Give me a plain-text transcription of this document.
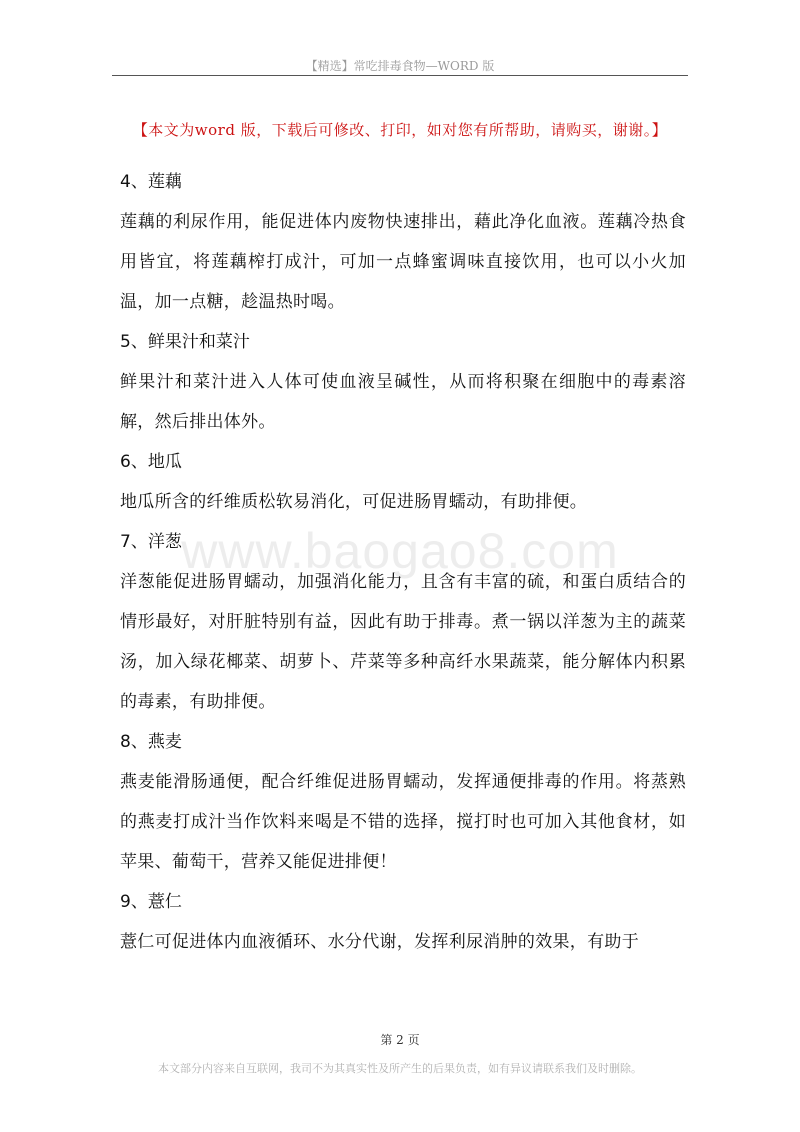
【精选】常吃排毒食物—WORD 版
【本文为word 版，下载后可修改、打印，如对您有所帮助，请购买，谢谢。】
www.baogao8.com

4、莲藕

莲藕的利尿作用，能促进体内废物快速排出，藉此净化血液。莲藕冷热食用皆宜，将莲藕榨打成汁，可加一点蜂蜜调味直接饮用，也可以小火加温，加一点糖，趁温热时喝。

5、鲜果汁和菜汁

鲜果汁和菜汁进入人体可使血液呈碱性，从而将积聚在细胞中的毒素溶解，然后排出体外。

6、地瓜

地瓜所含的纤维质松软易消化，可促进肠胃蠕动，有助排便。

7、洋葱

洋葱能促进肠胃蠕动，加强消化能力，且含有丰富的硫，和蛋白质结合的情形最好，对肝脏特别有益，因此有助于排毒。煮一锅以洋葱为主的蔬菜汤，加入绿花椰菜、胡萝卜、芹菜等多种高纤水果蔬菜，能分解体内积累的毒素，有助排便。

8、燕麦

燕麦能滑肠通便，配合纤维促进肠胃蠕动，发挥通便排毒的作用。将蒸熟的燕麦打成汁当作饮料来喝是不错的选择，搅打时也可加入其他食材，如苹果、葡萄干，营养又能促进排便！

9、薏仁

薏仁可促进体内血液循环、水分代谢，发挥利尿消肿的效果，有助于

第 2 页
本文部分内容来自互联网，我司不为其真实性及所产生的后果负责，如有异议请联系我们及时删除。
